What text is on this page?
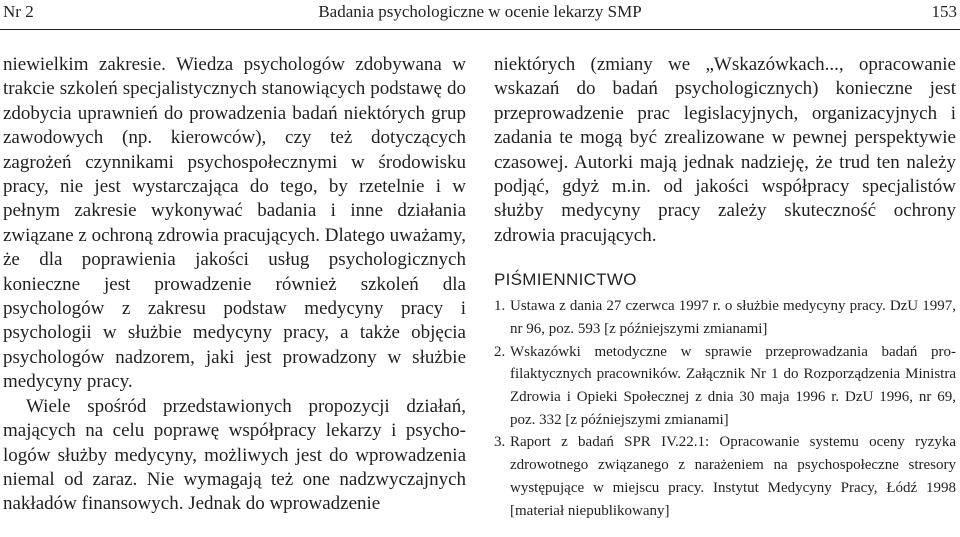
Nr 2	Badania psychologiczne w ocenie lekarzy SMP	153

niewielkim zakresie. Wiedza psychologów zdobywana w trakcie szkoleń specjalistycznych stanowiących podstawę do zdobycia uprawnień do prowadzenia badań niektórych grup zawodowych (np. kierowców), czy też dotyczących zagrożeń czynnikami psychospołecznymi w środowisku pracy, nie jest wystarczająca do tego, by rzetelnie i w pełnym zakresie wykonywać badania i inne działania związane z ochroną zdrowia pracujących. Dlatego uważamy, że dla poprawienia jakości usług psychologicznych konieczne jest prowadzenie również szkoleń dla psychologów z zakresu podstaw medycyny pracy i psychologii w służbie medycyny pracy, a także objęcia psychologów nadzorem, jaki jest prowadzony w służbie medycyny pracy.

Wiele spośród przedstawionych propozycji działań, mających na celu poprawę współpracy lekarzy i psychologów służby medycyny, możliwych jest do wprowadzenia niemal od zaraz. Nie wymagają też one nadzwyczajnych nakładów finansowych. Jednak do wprowadzenie

niektórych (zmiany we „Wskazówkach..., opracowanie wskazań do badań psychologicznych) konieczne jest przeprowadzenie prac legislacyjnych, organizacyjnych i zadania te mogą być zrealizowane w pewnej perspektywie czasowej. Autorki mają jednak nadzieję, że trud ten należy podjąć, gdyż m.in. od jakości współpracy specjalistów służby medycyny pracy zależy skuteczność ochrony zdrowia pracujących.

PIŚMIENNICTWO
1. Ustawa z dania 27 czerwca 1997 r. o służbie medycyny pracy. DzU 1997, nr 96, poz. 593 [z późniejszymi zmianami]
2. Wskazówki metodyczne w sprawie przeprowadzania badań profilaktycznych pracowników. Załącznik Nr 1 do Rozporządzenia Ministra Zdrowia i Opieki Społecznej z dnia 30 maja 1996 r. DzU 1996, nr 69, poz. 332 [z późniejszymi zmianami]
3. Raport z badań SPR IV.22.1: Opracowanie systemu oceny ryzyka zdrowotnego związanego z narażeniem na psychospołeczne stresory występujące w miejscu pracy. Instytut Medycyny Pracy, Łódź 1998 [materiał niepublikowany]
